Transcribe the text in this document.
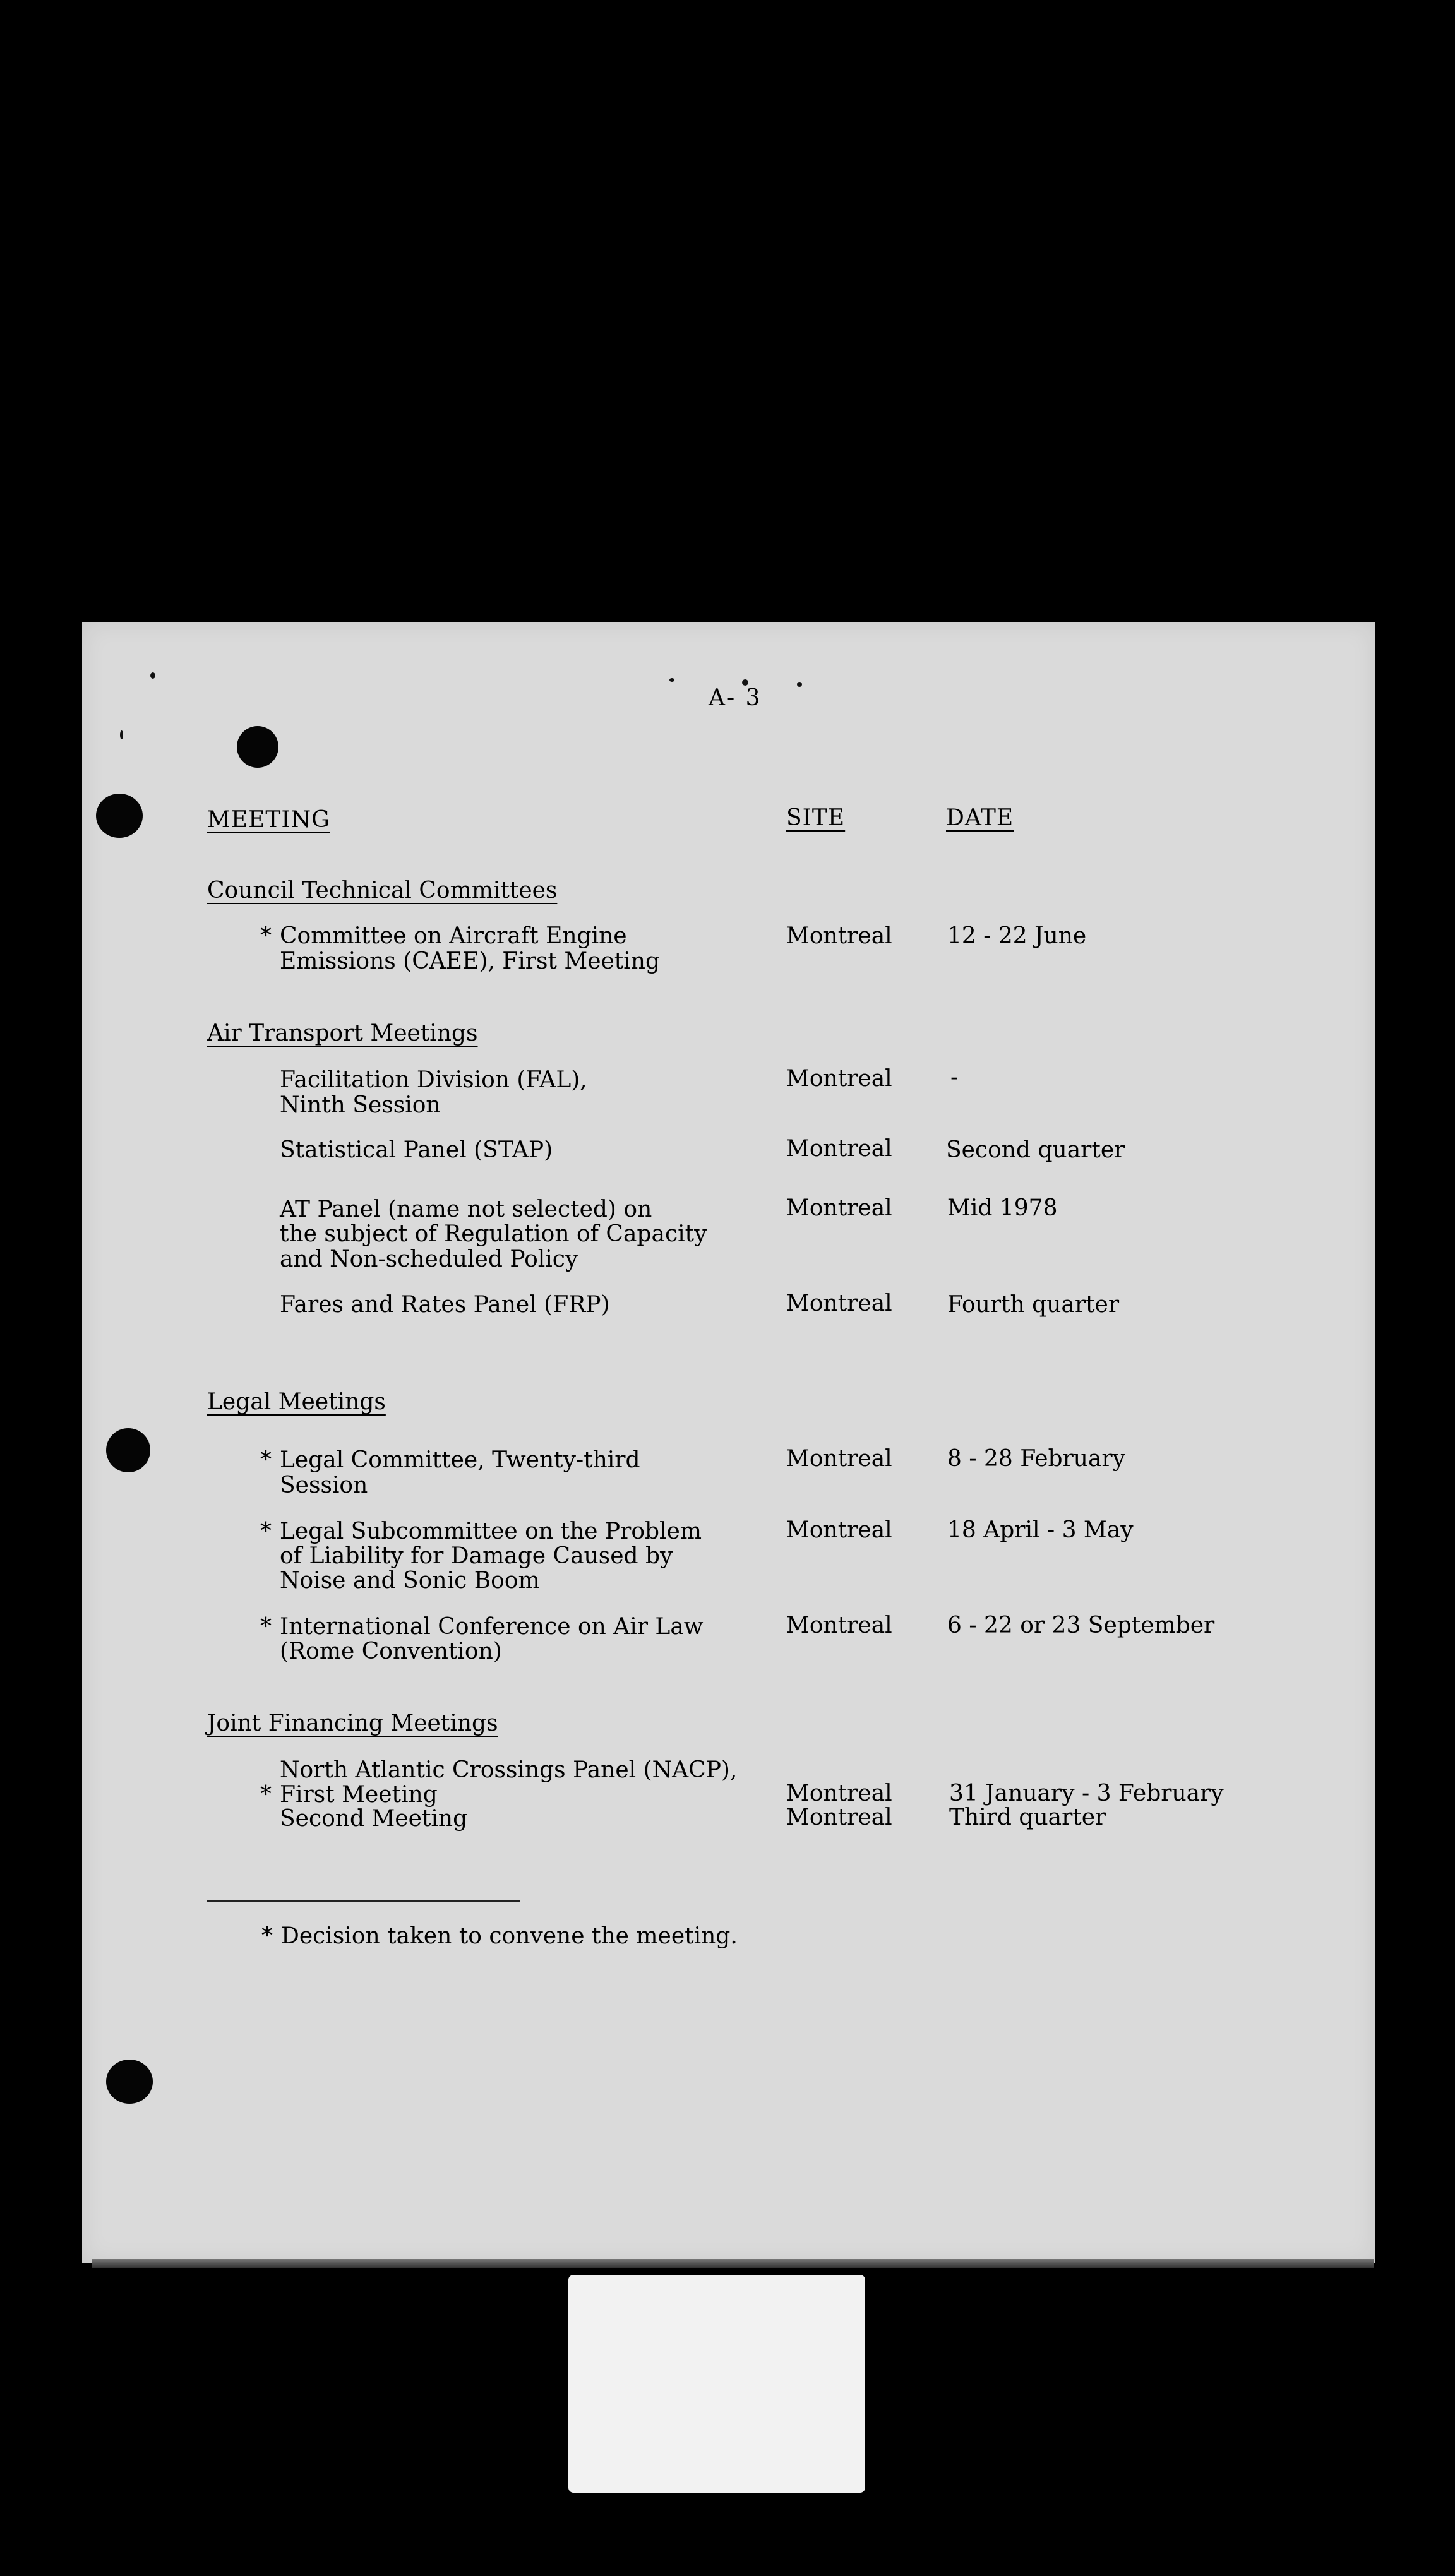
A- 3
MEETING	SITE	DATE
Council Technical Committees
* Committee on Aircraft Engine
Emissions (CAEE), First Meeting
Montreal 12 - 22 June
Air Transport Meetings
Facilitation Division (FAL),
Ninth Session
Montreal	-
Statistical Panel (STAP)	Montreal Second quarter
AT Panel (name not selected) on
the subject of Regulation of Capacity
and Non-scheduled Policy
Montreal Mid 1978
Fares and Rates Panel (FRP)	Montreal Fourth quarter
Legal Meetings
* Legal Committee, Twenty-third
Session
Montreal 8 - 28 February
* Legal Subcommittee on the Problem
of Liability for Damage Caused by
Noise and Sonic Boom
Montreal 18 April - 3 May
* International Conference on Air Law
(Rome Convention)
Montreal 6 - 22 or 23 September
Joint Financing Meetings
North Atlantic Crossings Panel (NACP),
* First Meeting	Montreal	31 January - 3 February
Second Meeting	Montreal	Third quarter
* Decision taken to convene the meeting.
